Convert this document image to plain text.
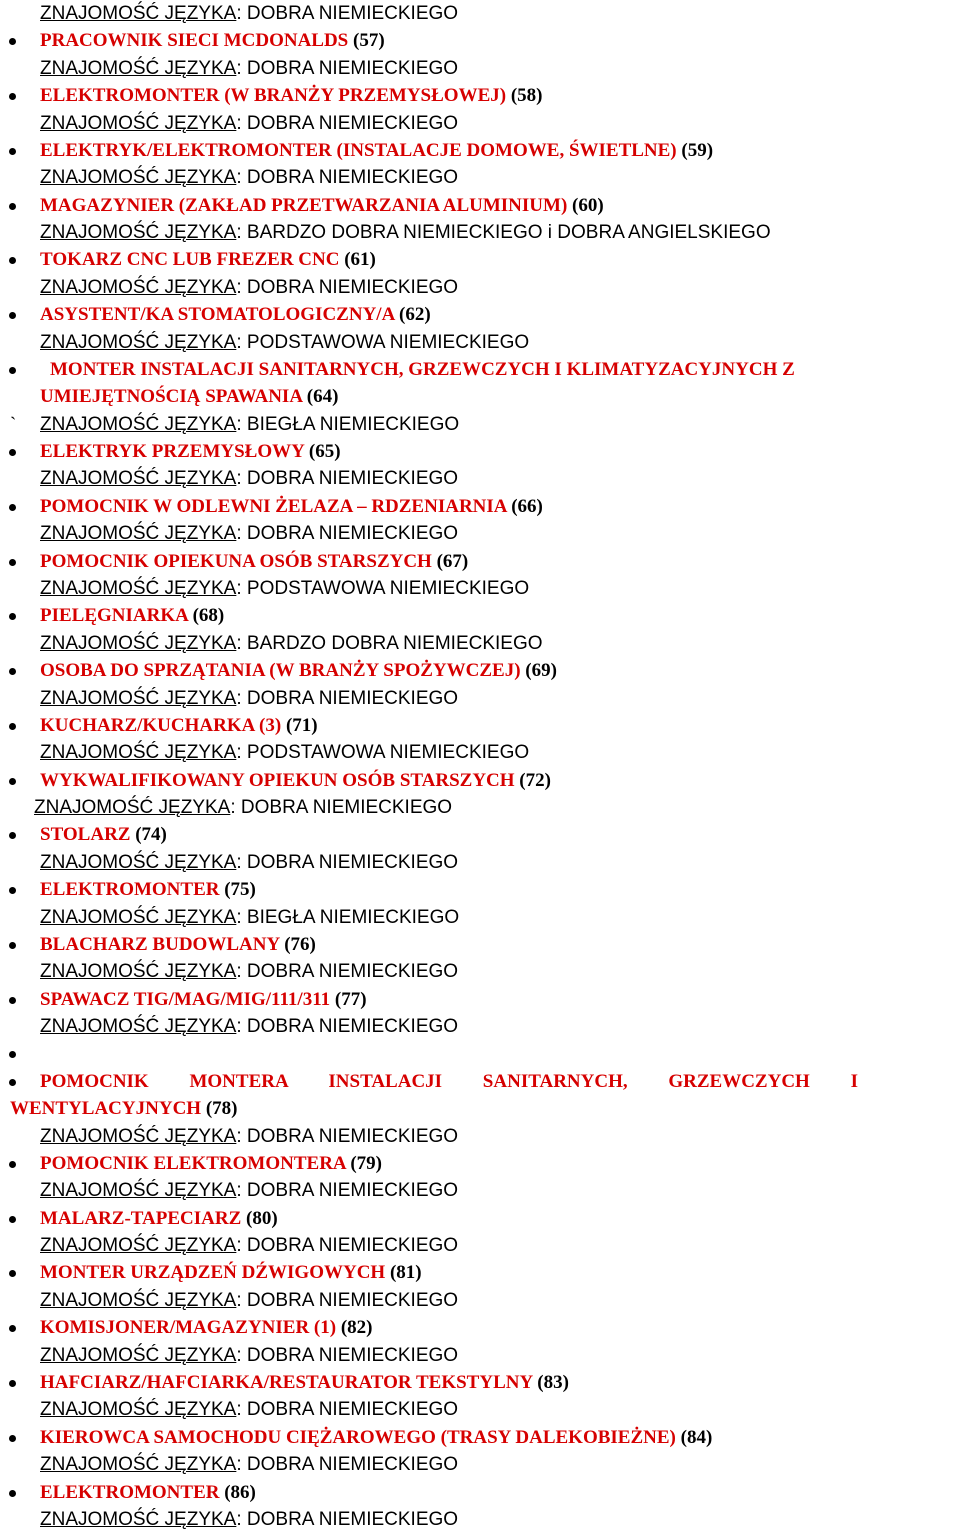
ZNAJOMOŚĆ JĘZYKA: DOBRA NIEMIECKIEGO
PRACOWNIK SIECI MCDONALDS (57)
ZNAJOMOŚĆ JĘZYKA: DOBRA NIEMIECKIEGO
ELEKTROMONTER (W BRANŻY PRZEMYSŁOWEJ) (58)
ZNAJOMOŚĆ JĘZYKA: DOBRA NIEMIECKIEGO
ELEKTRYK/ELEKTROMONTER (INSTALACJE DOMOWE, ŚWIETLNE) (59)
ZNAJOMOŚĆ JĘZYKA: DOBRA NIEMIECKIEGO
MAGAZYNIER (ZAKŁAD PRZETWARZANIA ALUMINIUM) (60)
ZNAJOMOŚĆ JĘZYKA: BARDZO DOBRA NIEMIECKIEGO i DOBRA ANGIELSKIEGO
TOKARZ CNC LUB FREZER CNC (61)
ZNAJOMOŚĆ JĘZYKA: DOBRA NIEMIECKIEGO
ASYSTENT/KA STOMATOLOGICZNY/A (62)
ZNAJOMOŚĆ JĘZYKA: PODSTAWOWA NIEMIECKIEGO
MONTER INSTALACJI SANITARNYCH, GRZEWCZYCH I KLIMATYZACYJNYCH Z
UMIEJĘTNOŚCIĄ SPAWANIA (64)
` ZNAJOMOŚĆ JĘZYKA: BIEGŁA NIEMIECKIEGO
ELEKTRYK PRZEMYSŁOWY (65)
ZNAJOMOŚĆ JĘZYKA: DOBRA NIEMIECKIEGO
POMOCNIK W ODLEWNI ŻELAZA – RDZENIARNIA (66)
ZNAJOMOŚĆ JĘZYKA: DOBRA NIEMIECKIEGO
POMOCNIK OPIEKUNA OSÓB STARSZYCH (67)
ZNAJOMOŚĆ JĘZYKA: PODSTAWOWA NIEMIECKIEGO
PIELĘGNIARKA (68)
ZNAJOMOŚĆ JĘZYKA: BARDZO DOBRA NIEMIECKIEGO
OSOBA DO SPRZĄTANIA (W BRANŻY SPOŻYWCZEJ) (69)
ZNAJOMOŚĆ JĘZYKA: DOBRA NIEMIECKIEGO
KUCHARZ/KUCHARKA (3) (71)
ZNAJOMOŚĆ JĘZYKA: PODSTAWOWA NIEMIECKIEGO
WYKWALIFIKOWANY OPIEKUN OSÓB STARSZYCH (72)
ZNAJOMOŚĆ JĘZYKA: DOBRA NIEMIECKIEGO
STOLARZ (74)
ZNAJOMOŚĆ JĘZYKA: DOBRA NIEMIECKIEGO
ELEKTROMONTER (75)
ZNAJOMOŚĆ JĘZYKA: BIEGŁA NIEMIECKIEGO
BLACHARZ BUDOWLANY (76)
ZNAJOMOŚĆ JĘZYKA: DOBRA NIEMIECKIEGO
SPAWACZ TIG/MAG/MIG/111/311 (77)
ZNAJOMOŚĆ JĘZYKA: DOBRA NIEMIECKIEGO
POMOCNIK MONTERA INSTALACJI SANITARNYCH, GRZEWCZYCH I
WENTYLACYJNYCH (78)
ZNAJOMOŚĆ JĘZYKA: DOBRA NIEMIECKIEGO
POMOCNIK ELEKTROMONTERA (79)
ZNAJOMOŚĆ JĘZYKA: DOBRA NIEMIECKIEGO
MALARZ-TAPECIARZ (80)
ZNAJOMOŚĆ JĘZYKA: DOBRA NIEMIECKIEGO
MONTER URZĄDZEŃ DŹWIGOWYCH (81)
ZNAJOMOŚĆ JĘZYKA: DOBRA NIEMIECKIEGO
KOMISJONER/MAGAZYNIER (1) (82)
ZNAJOMOŚĆ JĘZYKA: DOBRA NIEMIECKIEGO
HAFCIARZ/HAFCIARKA/RESTAURATOR TEKSTYLNY (83)
ZNAJOMOŚĆ JĘZYKA: DOBRA NIEMIECKIEGO
KIEROWCA SAMOCHODU CIĘŻAROWEGO (TRASY DALEKOBIEŻNE) (84)
ZNAJOMOŚĆ JĘZYKA: DOBRA NIEMIECKIEGO
ELEKTROMONTER (86)
ZNAJOMOŚĆ JĘZYKA: DOBRA NIEMIECKIEGO
